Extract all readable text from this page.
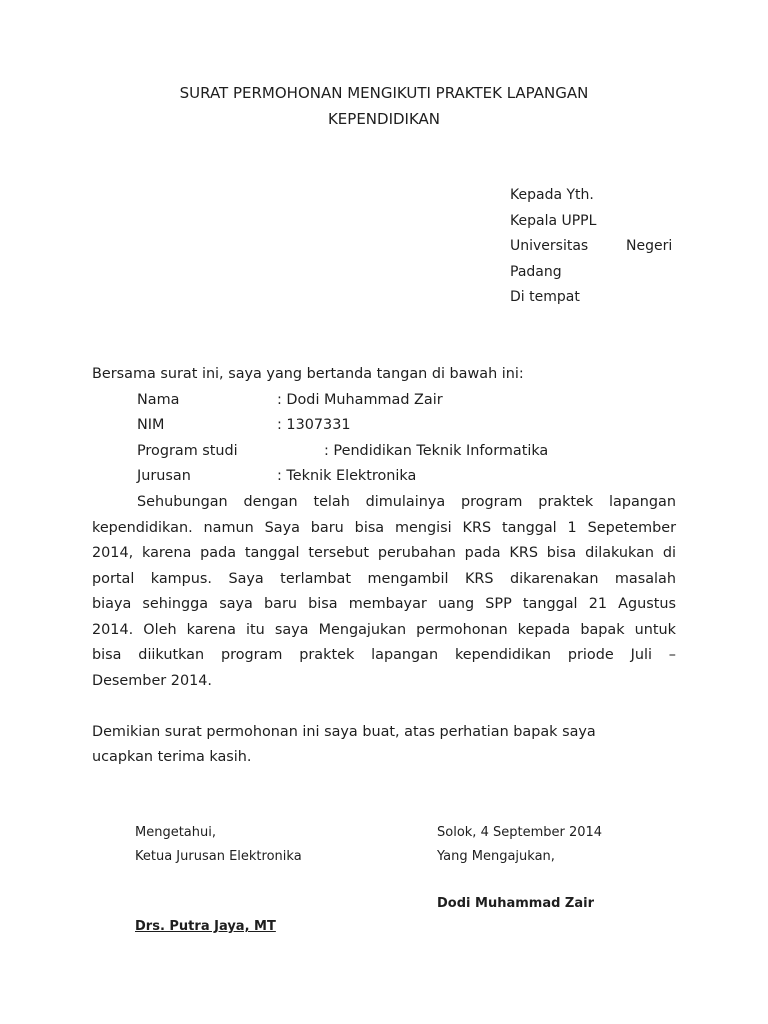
SURAT PERMOHONAN MENGIKUTI PRAKTEK LAPANGAN
KEPENDIDIKAN
Kepada Yth.
Kepala UPPL
Universitas	Negeri
Padang
Di tempat
Bersama surat ini, saya yang bertanda tangan di bawah ini:
Nama	: Dodi Muhammad Zair
NIM	: 1307331
Program studi	: Pendidikan Teknik Informatika
Jurusan	: Teknik Elektronika
Sehubungan dengan telah dimulainya program praktek lapangan
kependidikan. namun Saya baru bisa mengisi KRS tanggal 1 Sepetember
2014, karena pada tanggal tersebut perubahan pada KRS bisa dilakukan di
portal kampus. Saya terlambat mengambil KRS dikarenakan masalah
biaya sehingga saya baru bisa membayar uang SPP tanggal 21 Agustus
2014. Oleh karena itu saya Mengajukan permohonan kepada bapak untuk
bisa diikutkan program praktek lapangan kependidikan priode Juli –
Desember 2014.
Demikian surat permohonan ini saya buat, atas perhatian bapak saya
ucapkan terima kasih.
Mengetahui,
Ketua Jurusan Elektronika
Drs. Putra Jaya, MT
Solok, 4 September 2014
Yang Mengajukan,
Dodi Muhammad Zair
